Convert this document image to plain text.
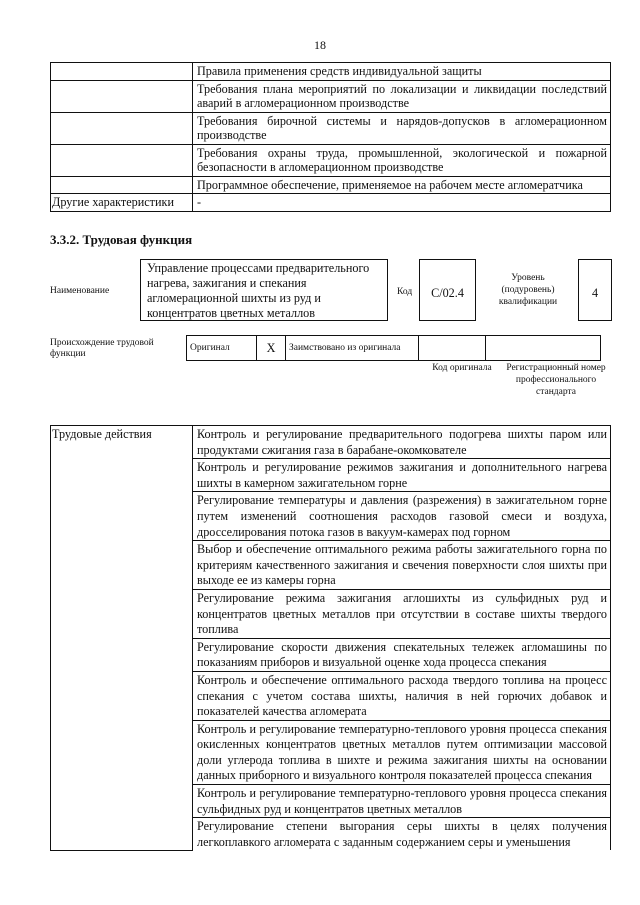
18
	Правила применения средств индивидуальной защиты
	Требования плана мероприятий по локализации и ликвидации последствий аварий в агломерационном производстве
	Требования бирочной системы и нарядов-допусков в агломерационном производстве
	Требования охраны труда, промышленной, экологической и пожарной безопасности в агломерационном производстве
	Программное обеспечение, применяемое на рабочем месте агломератчика
Другие характеристики	-
3.3.2. Трудовая функция
Наименование
Управление процессами предварительного нагрева, зажигания и спекания агломерационной шихты из руд и концентратов цветных металлов
Код	C/02.4
Уровень (подуровень) квалификации
4
Происхождение трудовой функции
Оригинал	X	Заимствовано из оригинала		
Код оригинала	Регистрационный номер профессионального стандарта
Трудовые действия	Контроль и регулирование предварительного подогрева шихты паром или продуктами сжигания газа в барабане-окомкователе
Контроль и регулирование режимов зажигания и дополнительного нагрева шихты в камерном зажигательном горне
Регулирование температуры и давления (разрежения) в зажигательном горне путем изменений соотношения расходов газовой смеси и воздуха, дросселирования потока газов в вакуум-камерах под горном
Выбор и обеспечение оптимального режима работы зажигательного горна по критериям качественного зажигания и свечения поверхности слоя шихты при выходе ее из камеры горна
Регулирование режима зажигания аглошихты из сульфидных руд и концентратов цветных металлов при отсутствии в составе шихты твердого топлива
Регулирование скорости движения спекательных тележек агломашины по показаниям приборов и визуальной оценке хода процесса спекания
Контроль и обеспечение оптимального расхода твердого топлива на процесс спекания с учетом состава шихты, наличия в ней горючих добавок и показателей качества агломерата
Контроль и регулирование температурно-теплового уровня процесса спекания окисленных концентратов цветных металлов путем оптимизации массовой доли углерода топлива в шихте и режима зажигания шихты на основании данных приборного и визуального контроля показателей процесса спекания
Контроль и регулирование температурно-теплового уровня процесса спекания сульфидных руд и концентратов цветных металлов
Регулирование степени выгорания серы шихты в целях получения легкоплавкого агломерата с заданным содержанием серы и уменьшения
